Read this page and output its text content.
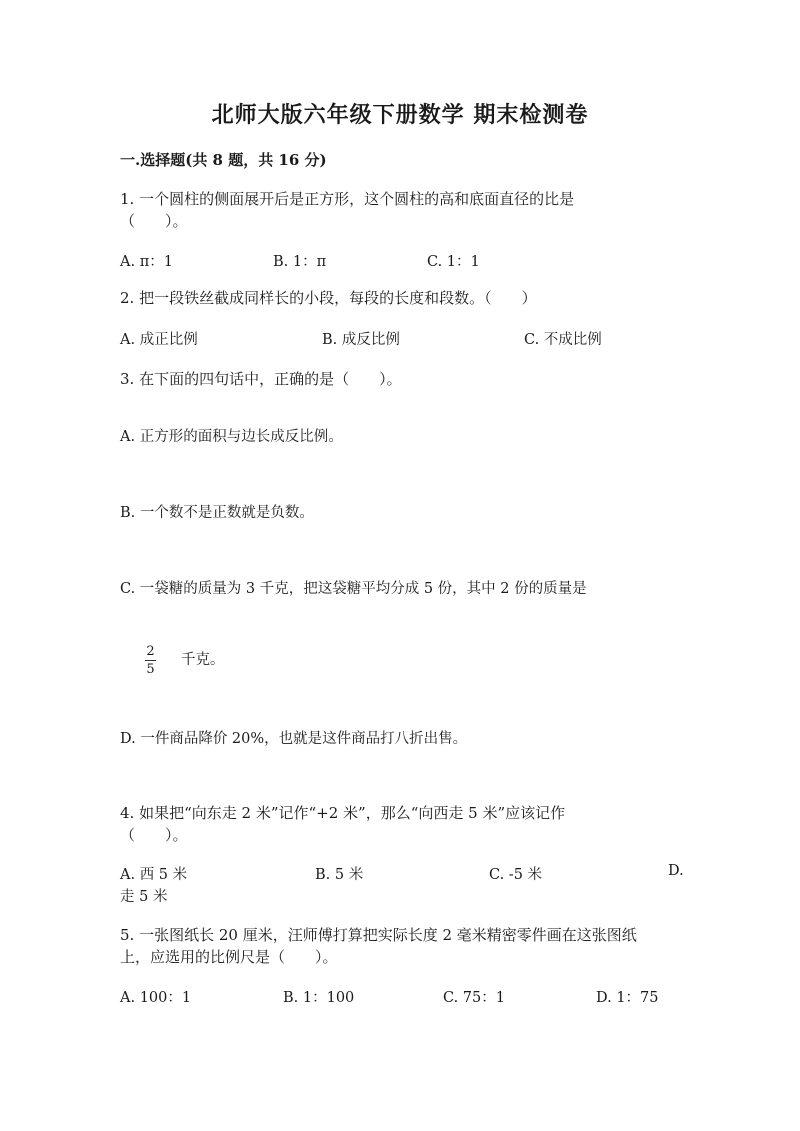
北师大版六年级下册数学 期末检测卷
一.选择题(共 8 题，共 16 分)
1. 一个圆柱的侧面展开后是正方形，这个圆柱的高和底面直径的比是
（　　）。
A. π：1	B. 1：π	C. 1：1
2. 把一段铁丝截成同样长的小段，每段的长度和段数。（　　）
A. 成正比例	B. 成反比例	C. 不成比例
3. 在下面的四句话中，正确的是（　　）。
A. 正方形的面积与边长成反比例。
B. 一个数不是正数就是负数。
C. 一袋糖的质量为 3 千克，把这袋糖平均分成 5 份，其中 2 份的质量是
$\frac{2}{5}$ 千克。
D. 一件商品降价 20%，也就是这件商品打八折出售。
4. 如果把“向东走 2 米”记作“+2 米”，那么“向西走 5 米”应该记作
（　　）。
A. 西 5 米	B. 5 米	C. -5 米	D.
走 5 米
5. 一张图纸长 20 厘米，汪师傅打算把实际长度 2 毫米精密零件画在这张图纸
上，应选用的比例尺是（　　）。
A. 100：1	B. 1：100	C. 75：1	D. 1：75
